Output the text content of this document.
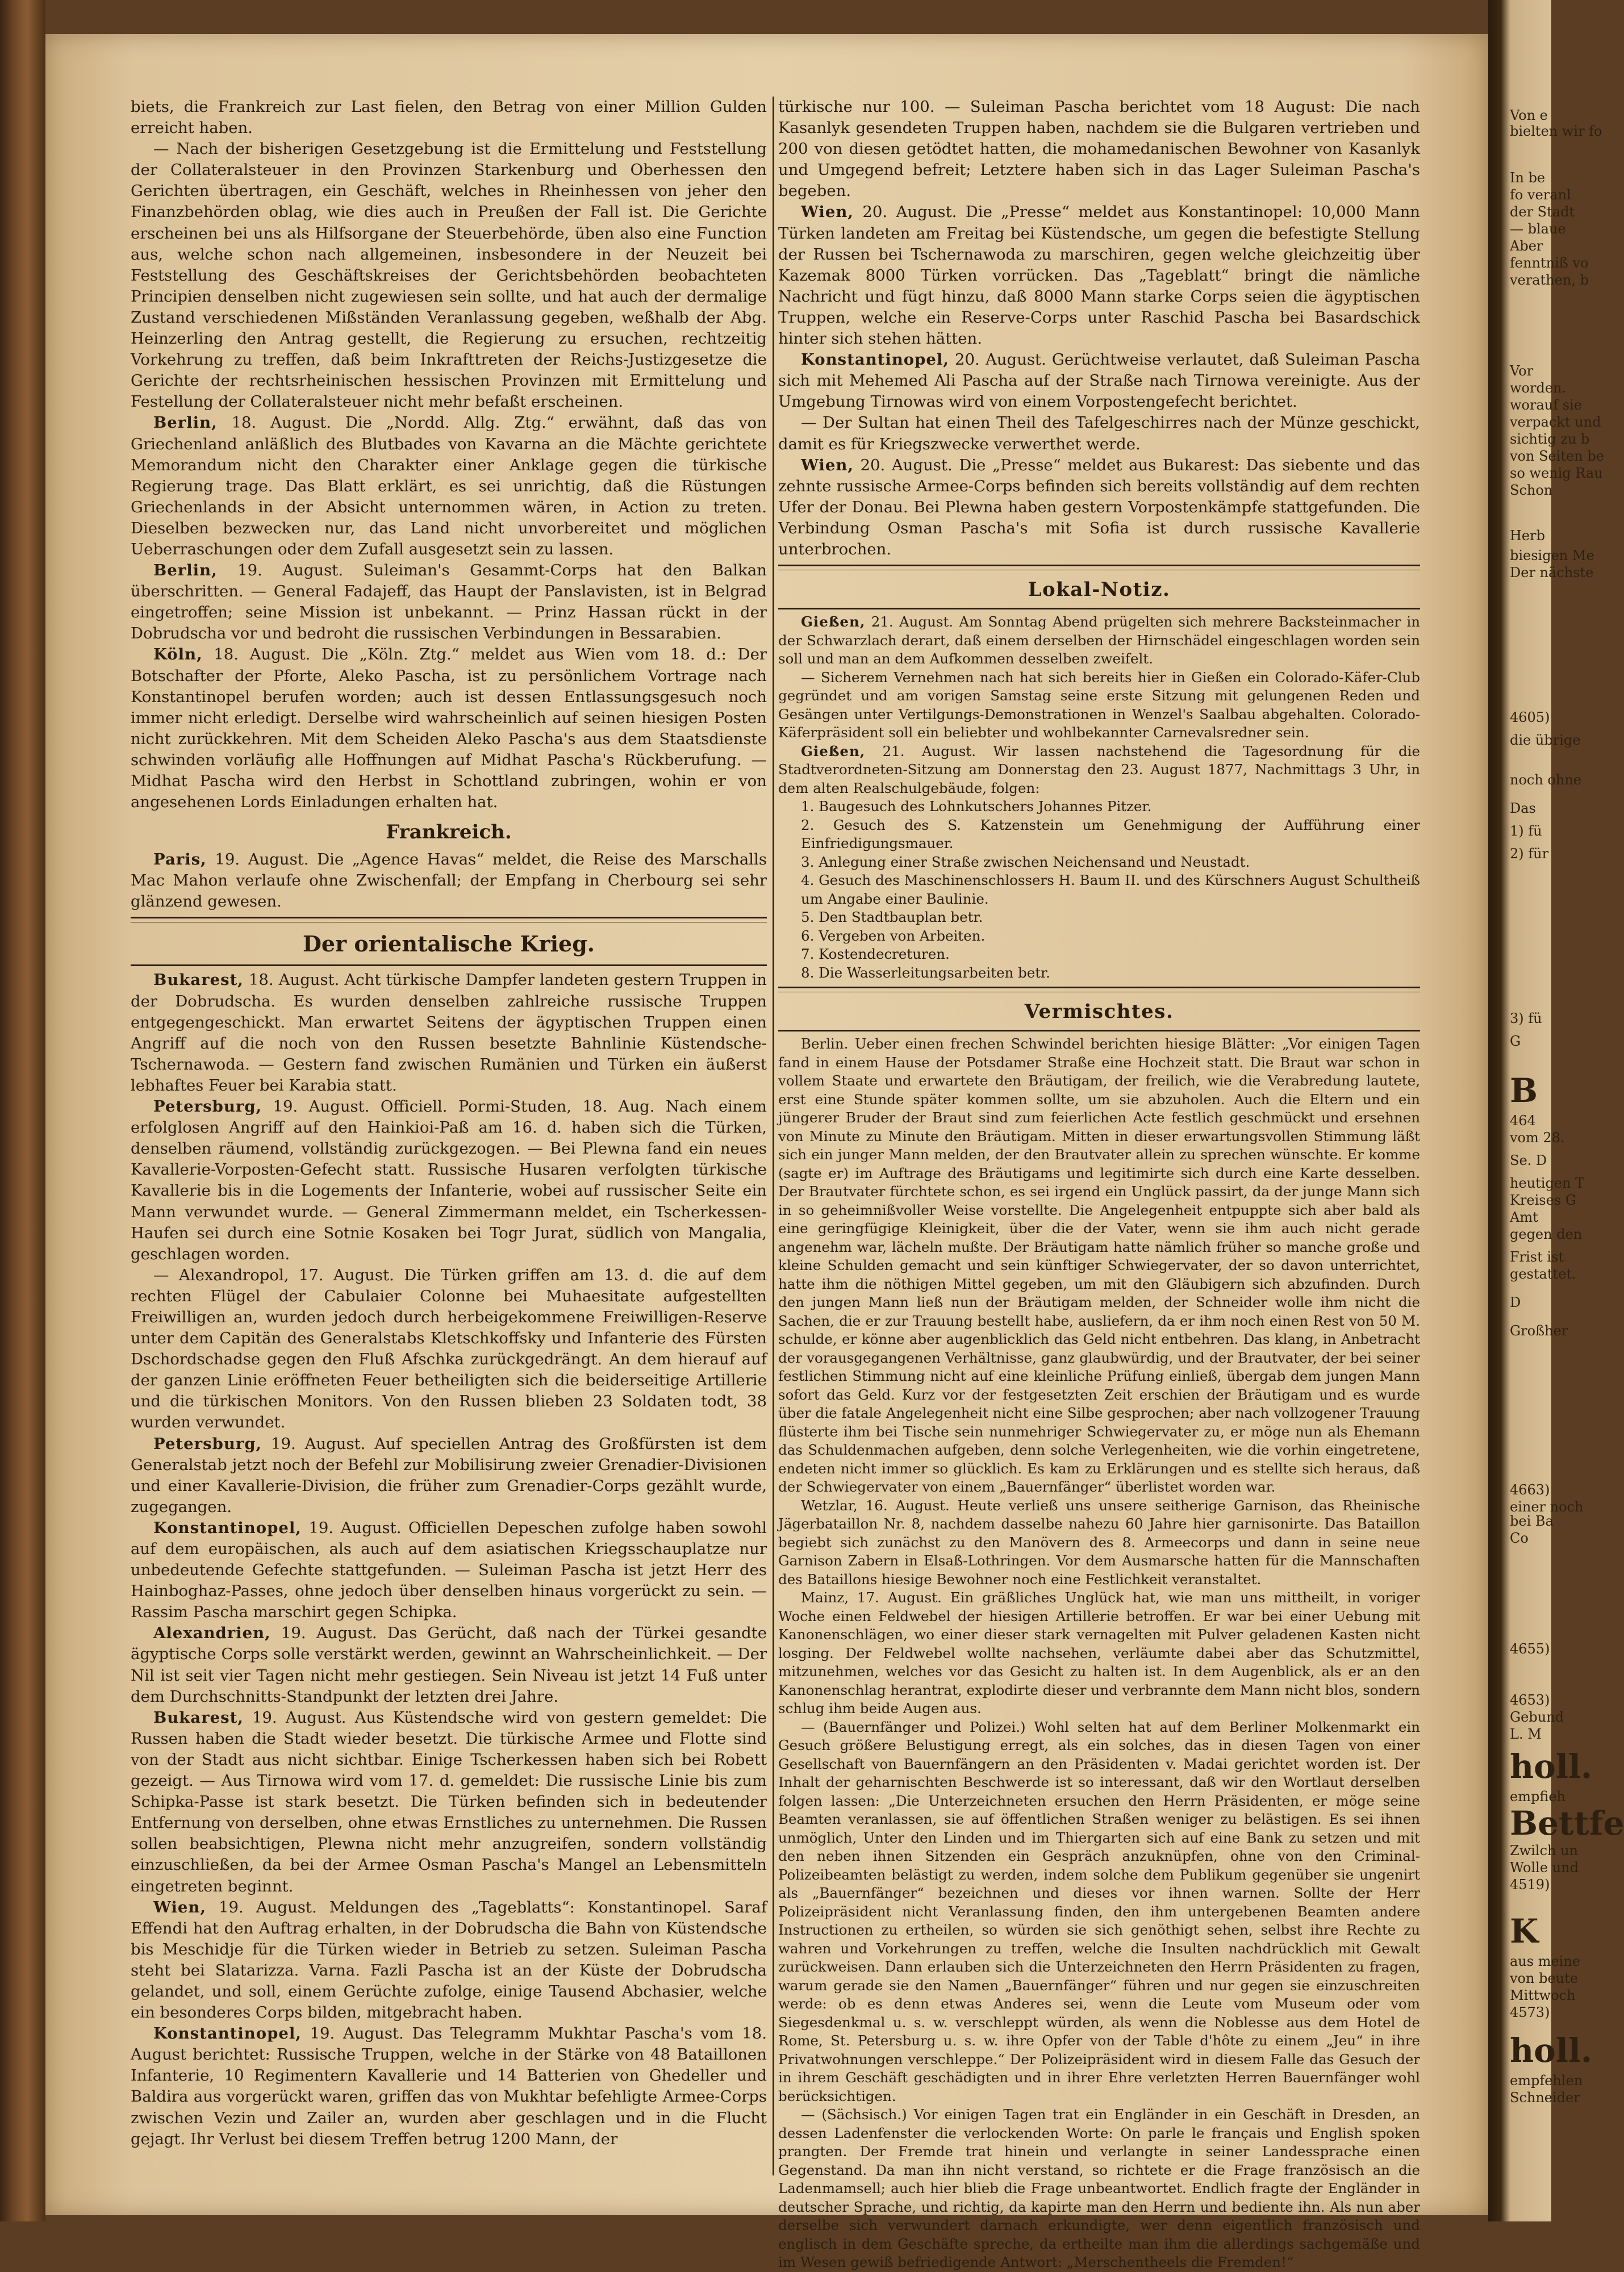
biets, die Frankreich zur Last fielen, den Betrag von einer Million Gulden erreicht haben.

— Nach der bisherigen Gesetzgebung ist die Ermittelung und Feststellung der Collateralsteuer in den Provinzen Starkenburg und Oberhessen den Gerichten übertragen, ein Geschäft, welches in Rheinhessen von jeher den Finanzbehörden oblag, wie dies auch in Preußen der Fall ist. Die Gerichte erscheinen bei uns als Hilfsorgane der Steuerbehörde, üben also eine Function aus, welche schon nach allgemeinen, insbesondere in der Neuzeit bei Feststellung des Geschäftskreises der Gerichtsbehörden beobachteten Principien denselben nicht zugewiesen sein sollte, und hat auch der dermalige Zustand verschiedenen Mißständen Veranlassung gegeben, weßhalb der Abg. Heinzerling den Antrag gestellt, die Regierung zu ersuchen, rechtzeitig Vorkehrung zu treffen, daß beim Inkrafttreten der Reichs-Justizgesetze die Gerichte der rechtsrheinischen hessischen Provinzen mit Ermittelung und Festellung der Collateralsteuer nicht mehr befaßt erscheinen.

Berlin, 18. August. Die „Nordd. Allg. Ztg.“ erwähnt, daß das von Griechenland anläßlich des Blutbades von Kavarna an die Mächte gerichtete Memorandum nicht den Charakter einer Anklage gegen die türkische Regierung trage. Das Blatt erklärt, es sei unrichtig, daß die Rüstungen Griechenlands in der Absicht unternommen wären, in Action zu treten. Dieselben bezwecken nur, das Land nicht unvorbereitet und möglichen Ueberraschungen oder dem Zufall ausgesetzt sein zu lassen.

Berlin, 19. August. Suleiman's Gesammt-Corps hat den Balkan überschritten. — General Fadajeff, das Haupt der Panslavisten, ist in Belgrad eingetroffen; seine Mission ist unbekannt. — Prinz Hassan rückt in der Dobrudscha vor und bedroht die russischen Verbindungen in Bessarabien.

Köln, 18. August. Die „Köln. Ztg.“ meldet aus Wien vom 18. d.: Der Botschafter der Pforte, Aleko Pascha, ist zu persönlichem Vortrage nach Konstantinopel berufen worden; auch ist dessen Entlassungsgesuch noch immer nicht erledigt. Derselbe wird wahrscheinlich auf seinen hiesigen Posten nicht zurückkehren. Mit dem Scheiden Aleko Pascha's aus dem Staatsdienste schwinden vorläufig alle Hoffnungen auf Midhat Pascha's Rückberufung. — Midhat Pascha wird den Herbst in Schottland zubringen, wohin er von angesehenen Lords Einladungen erhalten hat.

Frankreich.

Paris, 19. August. Die „Agence Havas“ meldet, die Reise des Marschalls Mac Mahon verlaufe ohne Zwischenfall; der Empfang in Cherbourg sei sehr glänzend gewesen.

Der orientalische Krieg.

Bukarest, 18. August. Acht türkische Dampfer landeten gestern Truppen in der Dobrudscha. Es wurden denselben zahlreiche russische Truppen entgegengeschickt. Man erwartet Seitens der ägyptischen Truppen einen Angriff auf die noch von den Russen besetzte Bahnlinie Küstendsche-Tschernawoda. — Gestern fand zwischen Rumänien und Türken ein äußerst lebhaftes Feuer bei Karabia statt.

Petersburg, 19. August. Officiell. Pormi-Studen, 18. Aug. Nach einem erfolglosen Angriff auf den Hainkioi-Paß am 16. d. haben sich die Türken, denselben räumend, vollständig zurückgezogen. — Bei Plewna fand ein neues Kavallerie-Vorposten-Gefecht statt. Russische Husaren verfolgten türkische Kavallerie bis in die Logements der Infanterie, wobei auf russischer Seite ein Mann verwundet wurde. — General Zimmermann meldet, ein Tscherkessen-Haufen sei durch eine Sotnie Kosaken bei Togr Jurat, südlich von Mangalia, geschlagen worden.

— Alexandropol, 17. August. Die Türken griffen am 13. d. die auf dem rechten Flügel der Cabulaier Colonne bei Muhaesitate aufgestellten Freiwilligen an, wurden jedoch durch herbeigekommene Freiwilligen-Reserve unter dem Capitän des Generalstabs Kletschkoffsky und Infanterie des Fürsten Dschordschadse gegen den Fluß Afschka zurückgedrängt. An dem hierauf auf der ganzen Linie eröffneten Feuer betheiligten sich die beiderseitige Artillerie und die türkischen Monitors. Von den Russen blieben 23 Soldaten todt, 38 wurden verwundet.

Petersburg, 19. August. Auf speciellen Antrag des Großfürsten ist dem Generalstab jetzt noch der Befehl zur Mobilisirung zweier Grenadier-Divisionen und einer Kavallerie-Division, die früher zum Grenadier-Corps gezählt wurde, zugegangen.

Konstantinopel, 19. August. Officiellen Depeschen zufolge haben sowohl auf dem europäischen, als auch auf dem asiatischen Kriegsschauplatze nur unbedeutende Gefechte stattgefunden. — Suleiman Pascha ist jetzt Herr des Hainboghaz-Passes, ohne jedoch über denselben hinaus vorgerückt zu sein. — Rassim Pascha marschirt gegen Schipka.

Alexandrien, 19. August. Das Gerücht, daß nach der Türkei gesandte ägyptische Corps solle verstärkt werden, gewinnt an Wahrscheinlichkeit. — Der Nil ist seit vier Tagen nicht mehr gestiegen. Sein Niveau ist jetzt 14 Fuß unter dem Durchschnitts-Standpunkt der letzten drei Jahre.

Bukarest, 19. August. Aus Küstendsche wird von gestern gemeldet: Die Russen haben die Stadt wieder besetzt. Die türkische Armee und Flotte sind von der Stadt aus nicht sichtbar. Einige Tscherkessen haben sich bei Robett gezeigt. — Aus Tirnowa wird vom 17. d. gemeldet: Die russische Linie bis zum Schipka-Passe ist stark besetzt. Die Türken befinden sich in bedeutender Entfernung von derselben, ohne etwas Ernstliches zu unternehmen. Die Russen sollen beabsichtigen, Plewna nicht mehr anzugreifen, sondern vollständig einzuschließen, da bei der Armee Osman Pascha's Mangel an Lebensmitteln eingetreten beginnt.

Wien, 19. August. Meldungen des „Tageblatts“: Konstantinopel. Saraf Effendi hat den Auftrag erhalten, in der Dobrudscha die Bahn von Küstendsche bis Meschidje für die Türken wieder in Betrieb zu setzen. Suleiman Pascha steht bei Slatarizza. Varna. Fazli Pascha ist an der Küste der Dobrudscha gelandet, und soll, einem Gerüchte zufolge, einige Tausend Abchasier, welche ein besonderes Corps bilden, mitgebracht haben.

Konstantinopel, 19. August. Das Telegramm Mukhtar Pascha's vom 18. August berichtet: Russische Truppen, welche in der Stärke von 48 Bataillonen Infanterie, 10 Regimentern Kavallerie und 14 Batterien von Ghedeller und Baldira aus vorgerückt waren, griffen das von Mukhtar befehligte Armee-Corps zwischen Vezin und Zailer an, wurden aber geschlagen und in die Flucht gejagt. Ihr Verlust bei diesem Treffen betrug 1200 Mann, der

türkische nur 100. — Suleiman Pascha berichtet vom 18 August: Die nach Kasanlyk gesendeten Truppen haben, nachdem sie die Bulgaren vertrieben und 200 von diesen getödtet hatten, die mohamedanischen Bewohner von Kasanlyk und Umgegend befreit; Letztere haben sich in das Lager Suleiman Pascha's begeben.

Wien, 20. August. Die „Presse“ meldet aus Konstantinopel: 10,000 Mann Türken landeten am Freitag bei Küstendsche, um gegen die befestigte Stellung der Russen bei Tschernawoda zu marschiren, gegen welche gleichzeitig über Kazemak 8000 Türken vorrücken. Das „Tageblatt“ bringt die nämliche Nachricht und fügt hinzu, daß 8000 Mann starke Corps seien die ägyptischen Truppen, welche ein Reserve-Corps unter Raschid Pascha bei Basardschick hinter sich stehen hätten.

Konstantinopel, 20. August. Gerüchtweise verlautet, daß Suleiman Pascha sich mit Mehemed Ali Pascha auf der Straße nach Tirnowa vereinigte. Aus der Umgebung Tirnowas wird von einem Vorpostengefecht berichtet.

— Der Sultan hat einen Theil des Tafelgeschirres nach der Münze geschickt, damit es für Kriegszwecke verwerthet werde.

Wien, 20. August. Die „Presse“ meldet aus Bukarest: Das siebente und das zehnte russische Armee-Corps befinden sich bereits vollständig auf dem rechten Ufer der Donau. Bei Plewna haben gestern Vorpostenkämpfe stattgefunden. Die Verbindung Osman Pascha's mit Sofia ist durch russische Kavallerie unterbrochen.

Lokal-Notiz.

Gießen, 21. August. Am Sonntag Abend prügelten sich mehrere Backsteinmacher in der Schwarzlach derart, daß einem derselben der Hirnschädel eingeschlagen worden sein soll und man an dem Aufkommen desselben zweifelt.

— Sicherem Vernehmen nach hat sich bereits hier in Gießen ein Colorado-Käfer-Club gegründet und am vorigen Samstag seine erste Sitzung mit gelungenen Reden und Gesängen unter Vertilgungs-Demonstrationen in Wenzel's Saalbau abgehalten. Colorado-Käferpräsident soll ein beliebter und wohlbekannter Carnevalsredner sein.

Gießen, 21. August. Wir lassen nachstehend die Tagesordnung für die Stadtverordneten-Sitzung am Donnerstag den 23. August 1877, Nachmittags 3 Uhr, in dem alten Realschulgebäude, folgen:

1. Baugesuch des Lohnkutschers Johannes Pitzer.

2. Gesuch des S. Katzenstein um Genehmigung der Aufführung einer Einfriedigungsmauer.

3. Anlegung einer Straße zwischen Neichensand und Neustadt.

4. Gesuch des Maschinenschlossers H. Baum II. und des Kürschners August Schultheiß um Angabe einer Baulinie.

5. Den Stadtbauplan betr.

6. Vergeben von Arbeiten.

7. Kostendecreturen.

8. Die Wasserleitungsarbeiten betr.

Vermischtes.

Berlin. Ueber einen frechen Schwindel berichten hiesige Blätter: „Vor einigen Tagen fand in einem Hause der Potsdamer Straße eine Hochzeit statt. Die Braut war schon in vollem Staate und erwartete den Bräutigam, der freilich, wie die Verabredung lautete, erst eine Stunde später kommen sollte, um sie abzuholen. Auch die Eltern und ein jüngerer Bruder der Braut sind zum feierlichen Acte festlich geschmückt und ersehnen von Minute zu Minute den Bräutigam. Mitten in dieser erwartungsvollen Stimmung läßt sich ein junger Mann melden, der den Brautvater allein zu sprechen wünschte. Er komme (sagte er) im Auftrage des Bräutigams und legitimirte sich durch eine Karte desselben. Der Brautvater fürchtete schon, es sei irgend ein Unglück passirt, da der junge Mann sich in so geheimnißvoller Weise vorstellte. Die Angelegenheit entpuppte sich aber bald als eine geringfügige Kleinigkeit, über die der Vater, wenn sie ihm auch nicht gerade angenehm war, lächeln mußte. Der Bräutigam hatte nämlich früher so manche große und kleine Schulden gemacht und sein künftiger Schwiegervater, der so davon unterrichtet, hatte ihm die nöthigen Mittel gegeben, um mit den Gläubigern sich abzufinden. Durch den jungen Mann ließ nun der Bräutigam melden, der Schneider wolle ihm nicht die Sachen, die er zur Trauung bestellt habe, ausliefern, da er ihm noch einen Rest von 50 M. schulde, er könne aber augenblicklich das Geld nicht entbehren. Das klang, in Anbetracht der vorausgegangenen Verhältnisse, ganz glaubwürdig, und der Brautvater, der bei seiner festlichen Stimmung nicht auf eine kleinliche Prüfung einließ, übergab dem jungen Mann sofort das Geld. Kurz vor der festgesetzten Zeit erschien der Bräutigam und es wurde über die fatale Angelegenheit nicht eine Silbe gesprochen; aber nach vollzogener Trauung flüsterte ihm bei Tische sein nunmehriger Schwiegervater zu, er möge nun als Ehemann das Schuldenmachen aufgeben, denn solche Verlegenheiten, wie die vorhin eingetretene, endeten nicht immer so glücklich. Es kam zu Erklärungen und es stellte sich heraus, daß der Schwiegervater von einem „Bauernfänger“ überlistet worden war.

Wetzlar, 16. August. Heute verließ uns unsere seitherige Garnison, das Rheinische Jägerbataillon Nr. 8, nachdem dasselbe nahezu 60 Jahre hier garnisonirte. Das Bataillon begiebt sich zunächst zu den Manövern des 8. Armeecorps und dann in seine neue Garnison Zabern in Elsaß-Lothringen. Vor dem Ausmarsche hatten für die Mannschaften des Bataillons hiesige Bewohner noch eine Festlichkeit veranstaltet.

Mainz, 17. August. Ein gräßliches Unglück hat, wie man uns mittheilt, in voriger Woche einen Feldwebel der hiesigen Artillerie betroffen. Er war bei einer Uebung mit Kanonenschlägen, wo einer dieser stark vernagelten mit Pulver geladenen Kasten nicht losging. Der Feldwebel wollte nachsehen, verläumte dabei aber das Schutzmittel, mitzunehmen, welches vor das Gesicht zu halten ist. In dem Augenblick, als er an den Kanonenschlag herantrat, explodirte dieser und verbrannte dem Mann nicht blos, sondern schlug ihm beide Augen aus.

— (Bauernfänger und Polizei.) Wohl selten hat auf dem Berliner Molkenmarkt ein Gesuch größere Belustigung erregt, als ein solches, das in diesen Tagen von einer Gesellschaft von Bauernfängern an den Präsidenten v. Madai gerichtet worden ist. Der Inhalt der geharnischten Beschwerde ist so interessant, daß wir den Wortlaut derselben folgen lassen: „Die Unterzeichneten ersuchen den Herrn Präsidenten, er möge seine Beamten veranlassen, sie auf öffentlichen Straßen weniger zu belästigen. Es sei ihnen unmöglich, Unter den Linden und im Thiergarten sich auf eine Bank zu setzen und mit den neben ihnen Sitzenden ein Gespräch anzuknüpfen, ohne von den Criminal-Polizeibeamten belästigt zu werden, indem solche dem Publikum gegenüber sie ungenirt als „Bauernfänger“ bezeichnen und dieses vor ihnen warnen. Sollte der Herr Polizeipräsident nicht Veranlassung finden, den ihm untergebenen Beamten andere Instructionen zu ertheilen, so würden sie sich genöthigt sehen, selbst ihre Rechte zu wahren und Vorkehrungen zu treffen, welche die Insulten nachdrücklich mit Gewalt zurückweisen. Dann erlauben sich die Unterzeichneten den Herrn Präsidenten zu fragen, warum gerade sie den Namen „Bauernfänger“ führen und nur gegen sie einzuschreiten werde: ob es denn etwas Anderes sei, wenn die Leute vom Museum oder vom Siegesdenkmal u. s. w. verschleppt würden, als wenn die Noblesse aus dem Hotel de Rome, St. Petersburg u. s. w. ihre Opfer von der Table d'hôte zu einem „Jeu“ in ihre Privatwohnungen verschleppe.“ Der Polizeipräsident wird in diesem Falle das Gesuch der in ihrem Geschäft geschädigten und in ihrer Ehre verletzten Herren Bauernfänger wohl berücksichtigen.

— (Sächsisch.) Vor einigen Tagen trat ein Engländer in ein Geschäft in Dresden, an dessen Ladenfenster die verlockenden Worte: On parle le français und English spoken prangten. Der Fremde trat hinein und verlangte in seiner Landessprache einen Gegenstand. Da man ihn nicht verstand, so richtete er die Frage französisch an die Ladenmamsell; auch hier blieb die Frage unbeantwortet. Endlich fragte der Engländer in deutscher Sprache, und richtig, da kapirte man den Herrn und bediente ihn. Als nun aber derselbe sich verwundert darnach erkundigte, wer denn eigentlich französisch und englisch in dem Geschäfte spreche, da ertheilte man ihm die allerdings sachgemäße und im Wesen gewiß befriedigende Antwort: „Merschentheels die Fremden!“

Von e
bielten wir fo
In be
fo veranl
der Stadt
— blaue
Aber
fenntniß vo
verathen, b
Vor
worden.
worauf sie
verpackt und
sichtig zu b
von Seiten be
so wenig Rau
Schon
Herb
biesigen Me
Der nächste
4605)
die übrige
noch ohne
Das
1) fü
2) für
3) fü
G
B
464
vom 28.
Se. D
heutigen T
Kreises G
Amt
gegen den
Frist ist
gestattet.
D
Großher
4663)
einer noch
bei Ba
Co
4655)
4653)
Gebund
L. M
holl.
empfieh
Bettfe
Zwilch un
Wolle und
4519)
K
aus meine
von beute
Mittwoch
4573)
holl.
empfehlen
Schneider
